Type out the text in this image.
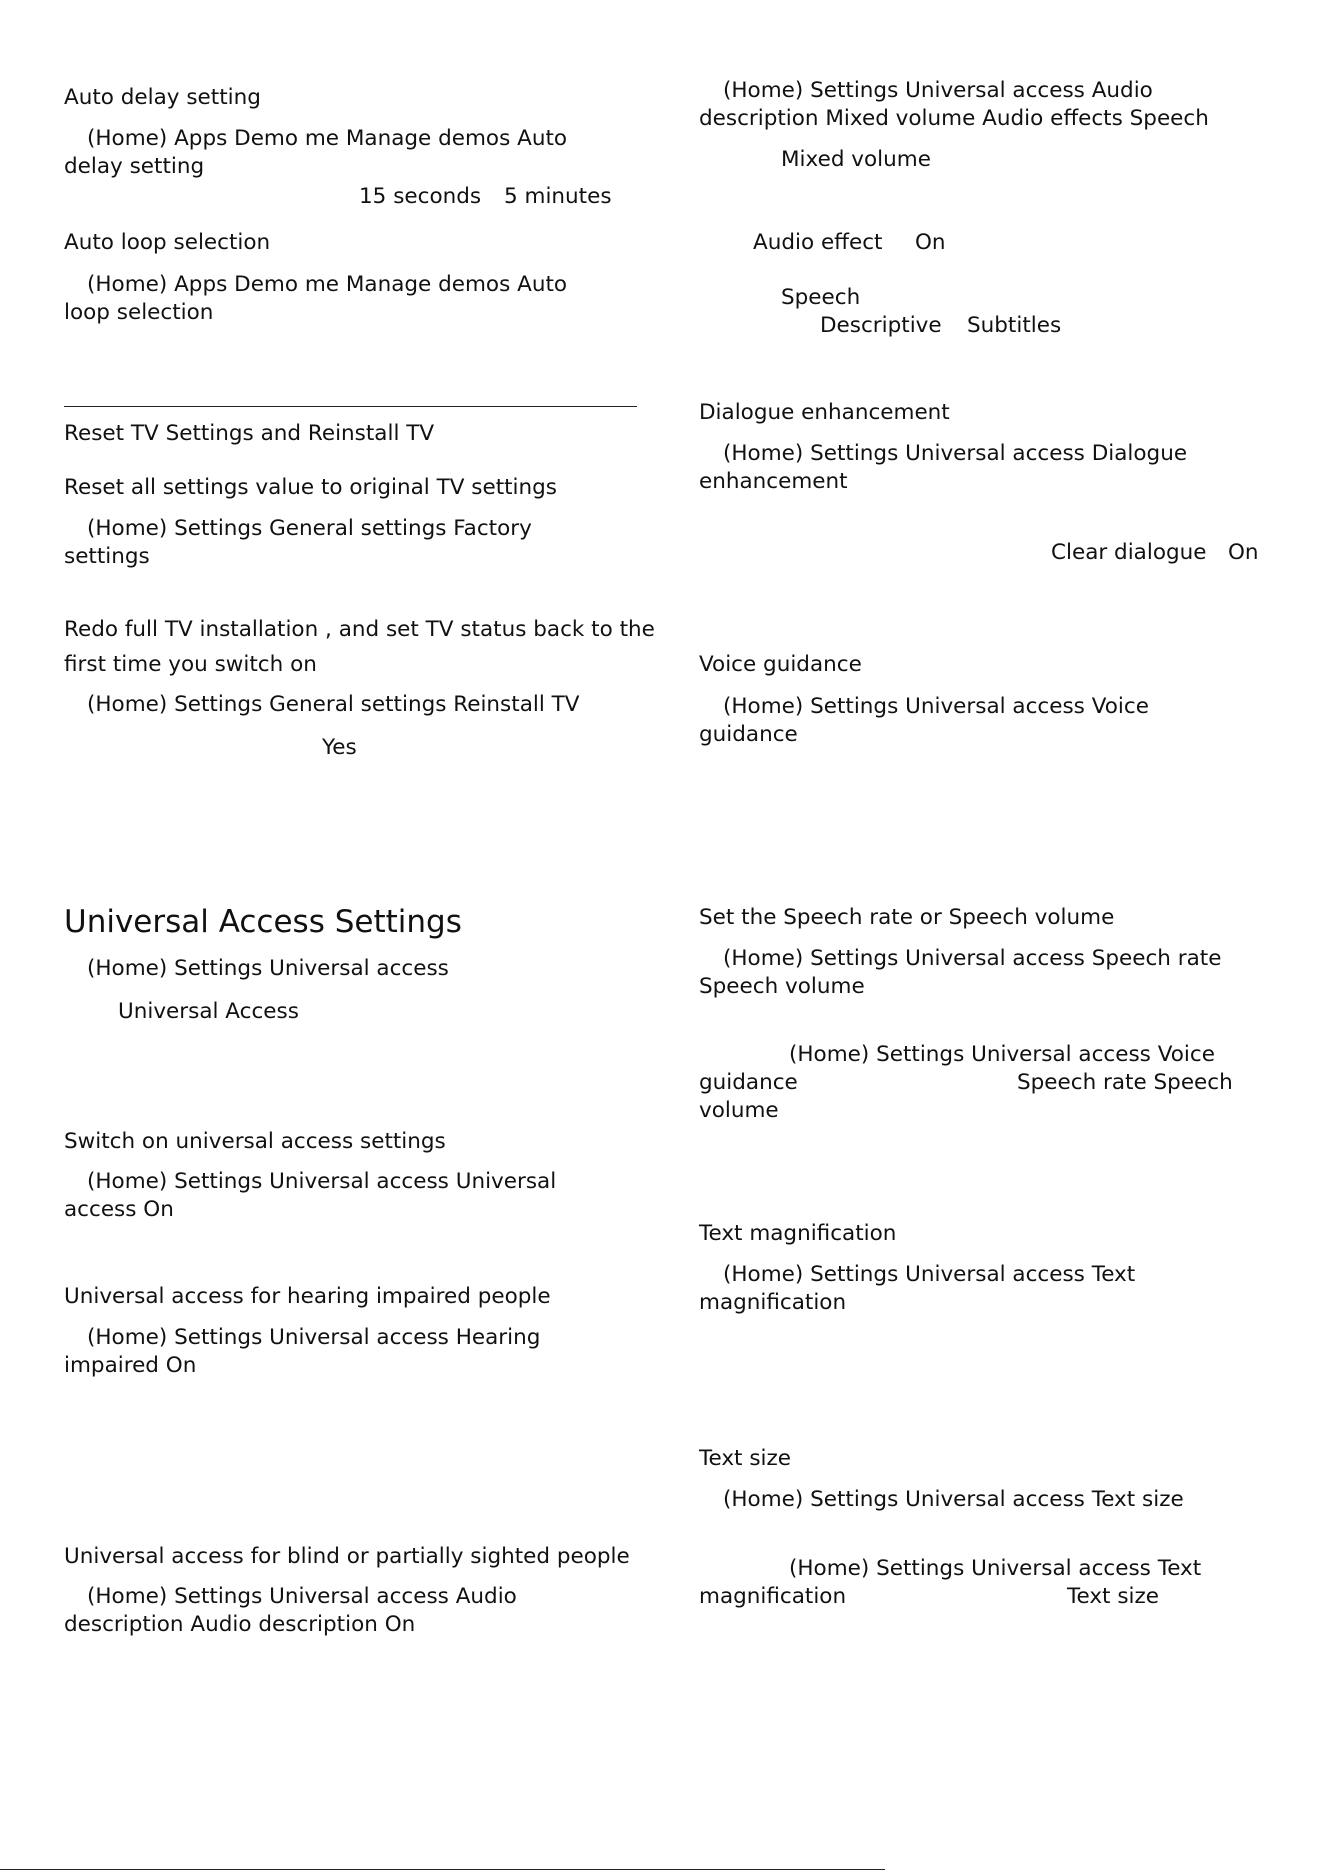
Auto delay setting

(Home) Apps Demo me Manage demos Auto

delay setting

15 seconds 5 minutes

Auto loop selection

(Home) Apps Demo me Manage demos Auto

loop selection

Reset TV Settings and Reinstall TV

Reset all settings value to original TV settings

(Home) Settings General settings Factory

settings

Redo full TV installation , and set TV status back to the

first time you switch on

(Home) Settings General settings Reinstall TV

Yes

Universal Access Settings

(Home) Settings Universal access

Universal Access

Switch on universal access settings

(Home) Settings Universal access Universal

access On

Universal access for hearing impaired people

(Home) Settings Universal access Hearing

impaired On

Universal access for blind or partially sighted people

(Home) Settings Universal access Audio

description Audio description On

(Home) Settings Universal access Audio

description Mixed volume Audio effects Speech

Mixed volume

Audio effect On

Speech

Descriptive Subtitles

Dialogue enhancement

(Home) Settings Universal access Dialogue

enhancement

Clear dialogue On

Voice guidance

(Home) Settings Universal access Voice

guidance

Set the Speech rate or Speech volume

(Home) Settings Universal access Speech rate

Speech volume

(Home) Settings Universal access Voice

guidance	Speech rate Speech

volume

Text magnification

(Home) Settings Universal access Text

magnification

Text size

(Home) Settings Universal access Text size

(Home) Settings Universal access Text

magnification	Text size
